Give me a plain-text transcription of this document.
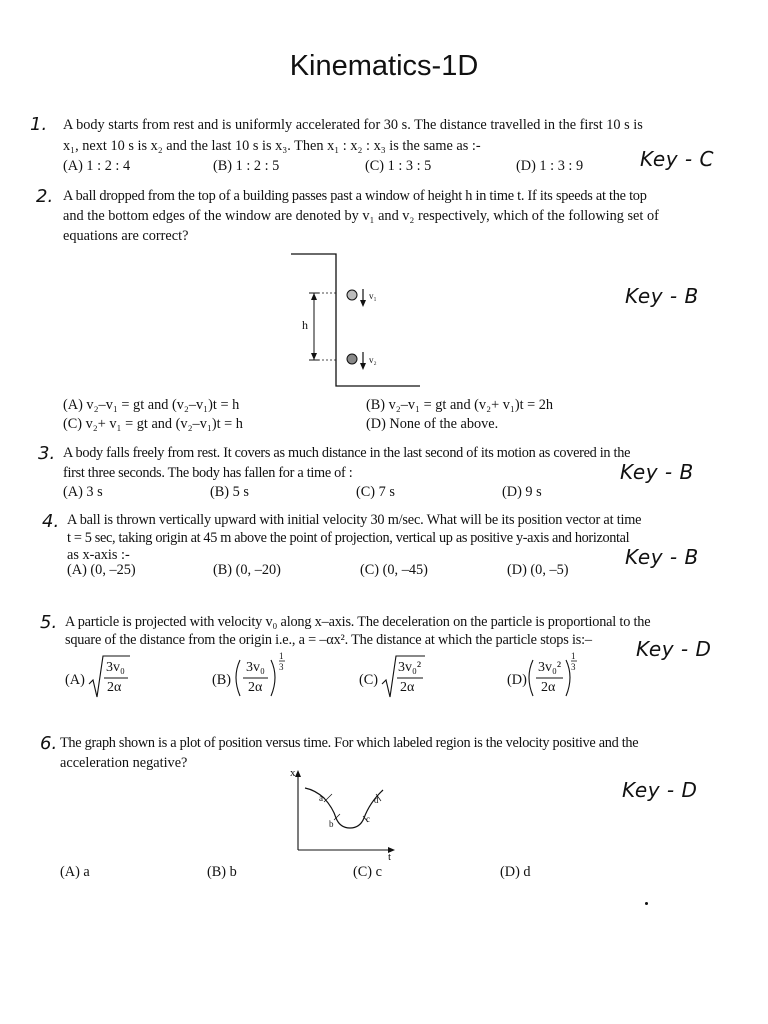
Kinematics-1D
1. A body starts from rest and is uniformly accelerated for 30 s. The distance travelled in the first 10 s is
x₁, next 10 s is x₂ and the last 10 s is x₃. Then x₁ : x₂ : x₃ is the same as :-
(A) 1 : 2 : 4	(B) 1 : 2 : 5	(C) 1 : 3 : 5	(D) 1 : 3 : 9	Key - C
2. A ball dropped from the top of a building passes past a window of height h in time t. If its speeds at the top
and the bottom edges of the window are denoted by v₁ and v₂ respectively, which of the following set of
equations are correct?
h
v₁
v₂
(A) v₂–v₁ = gt and (v₂–v₁)t = h	(B) v₂–v₁ = gt and (v₂+ v₁)t = 2h
(C) v₂+ v₁ = gt and (v₂–v₁)t = h	(D) None of the above.
Key - B
3. A body falls freely from rest. It covers as much distance in the last second of its motion as covered in the
first three seconds. The body has fallen for a time of :
(A) 3 s	(B) 5 s	(C) 7 s	(D) 9 s
Key - B
4. A ball is thrown vertically upward with initial velocity 30 m/sec. What will be its position vector at time
t = 5 sec, taking origin at 45 m above the point of projection, vertical up as positive y-axis and horizontal
as x-axis :-
(A) (0, –25)	(B) (0, –20)	(C) (0, –45)	(D) (0, –5)
Key - B
5. A particle is projected with velocity v₀ along x–axis. The deceleration on the particle is proportional to the
square of the distance from the origin i.e., a = –αx². The distance at which the particle stops is:–
(A)
3v₀
2α	(B)
3v₀
2α
1
3
(C)
3v₀²
2α	(D)
3v₀²
2α
1
3
Key - D
6. The graph shown is a plot of position versus time. For which labeled region is the velocity positive and the
acceleration negative?
x
t
a
b	c
d
(A) a	(B) b	(C) c	(D) d
Key - D
